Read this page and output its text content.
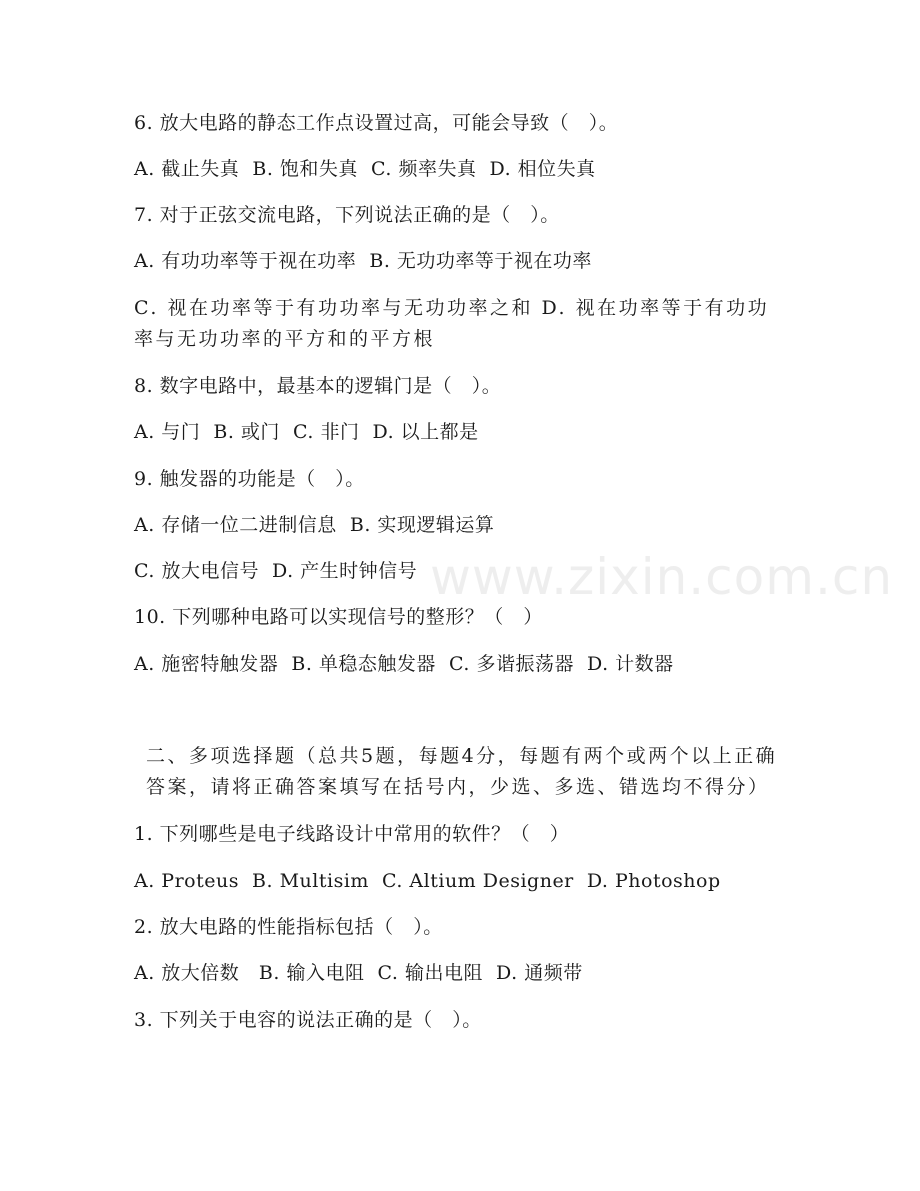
6. 放大电路的静态工作点设置过高，可能会导致（   ）。
A. 截止失真  B. 饱和失真  C. 频率失真  D. 相位失真
7. 对于正弦交流电路，下列说法正确的是（   ）。
A. 有功功率等于视在功率  B. 无功功率等于视在功率
C. 视在功率等于有功功率与无功功率之和 D. 视在功率等于有功功率与无功功率的平方和的平方根
8. 数字电路中，最基本的逻辑门是（   ）。
A. 与门  B. 或门  C. 非门  D. 以上都是
9. 触发器的功能是（   ）。
A. 存储一位二进制信息  B. 实现逻辑运算
C. 放大电信号  D. 产生时钟信号
10. 下列哪种电路可以实现信号的整形？（   ）
A. 施密特触发器  B. 单稳态触发器  C. 多谐振荡器  D. 计数器
二、多项选择题（总共5题，每题4分，每题有两个或两个以上正确答案，请将正确答案填写在括号内，少选、多选、错选均不得分）
1. 下列哪些是电子线路设计中常用的软件？（   ）
A. Proteus  B. Multisim  C. Altium Designer  D. Photoshop
2. 放大电路的性能指标包括（   ）。
A. 放大倍数   B. 输入电阻  C. 输出电阻  D. 通频带
3. 下列关于电容的说法正确的是（   ）。
www.zixin.com.cn
